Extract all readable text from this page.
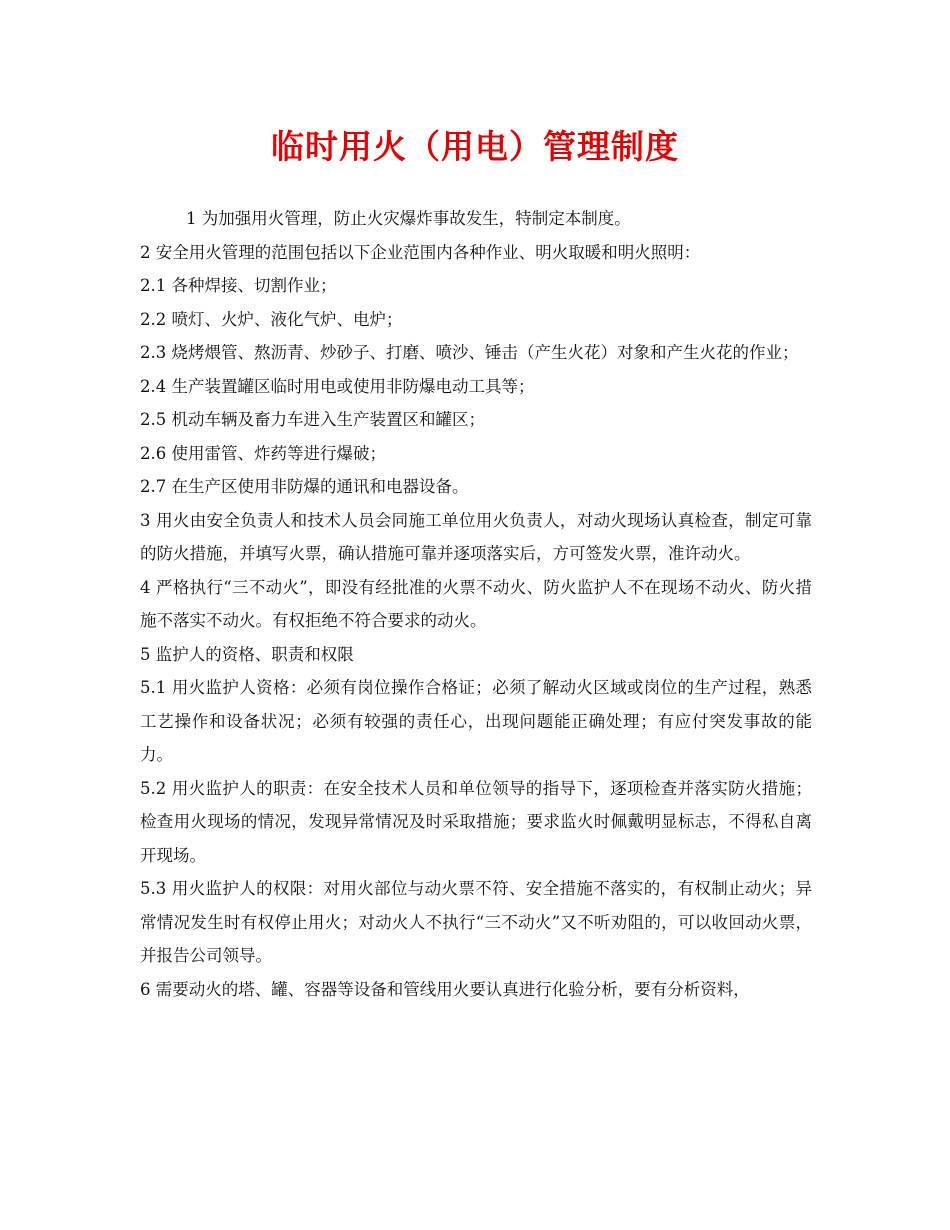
临时用火（用电）管理制度

1 为加强用火管理，防止火灾爆炸事故发生，特制定本制度。

2 安全用火管理的范围包括以下企业范围内各种作业、明火取暖和明火照明：

2.1 各种焊接、切割作业；

2.2 喷灯、火炉、液化气炉、电炉；

2.3 烧烤煨管、熬沥青、炒砂子、打磨、喷沙、锤击（产生火花）对象和产生火花的作业；

2.4 生产装置罐区临时用电或使用非防爆电动工具等；

2.5 机动车辆及畜力车进入生产装置区和罐区；

2.6 使用雷管、炸药等进行爆破；

2.7 在生产区使用非防爆的通讯和电器设备。

3 用火由安全负责人和技术人员会同施工单位用火负责人，对动火现场认真检查，制定可靠的防火措施，并填写火票，确认措施可靠并逐项落实后，方可签发火票，准许动火。

4 严格执行“三不动火”，即没有经批准的火票不动火、防火监护人不在现场不动火、防火措施不落实不动火。有权拒绝不符合要求的动火。

5 监护人的资格、职责和权限

5.1 用火监护人资格：必须有岗位操作合格证；必须了解动火区域或岗位的生产过程，熟悉工艺操作和设备状况；必须有较强的责任心，出现问题能正确处理；有应付突发事故的能力。

5.2 用火监护人的职责：在安全技术人员和单位领导的指导下，逐项检查并落实防火措施；检查用火现场的情况，发现异常情况及时采取措施；要求监火时佩戴明显标志，不得私自离开现场。

5.3 用火监护人的权限：对用火部位与动火票不符、安全措施不落实的，有权制止动火；异常情况发生时有权停止用火；对动火人不执行“三不动火”又不听劝阻的，可以收回动火票，并报告公司领导。

6 需要动火的塔、罐、容器等设备和管线用火要认真进行化验分析，要有分析资料，
